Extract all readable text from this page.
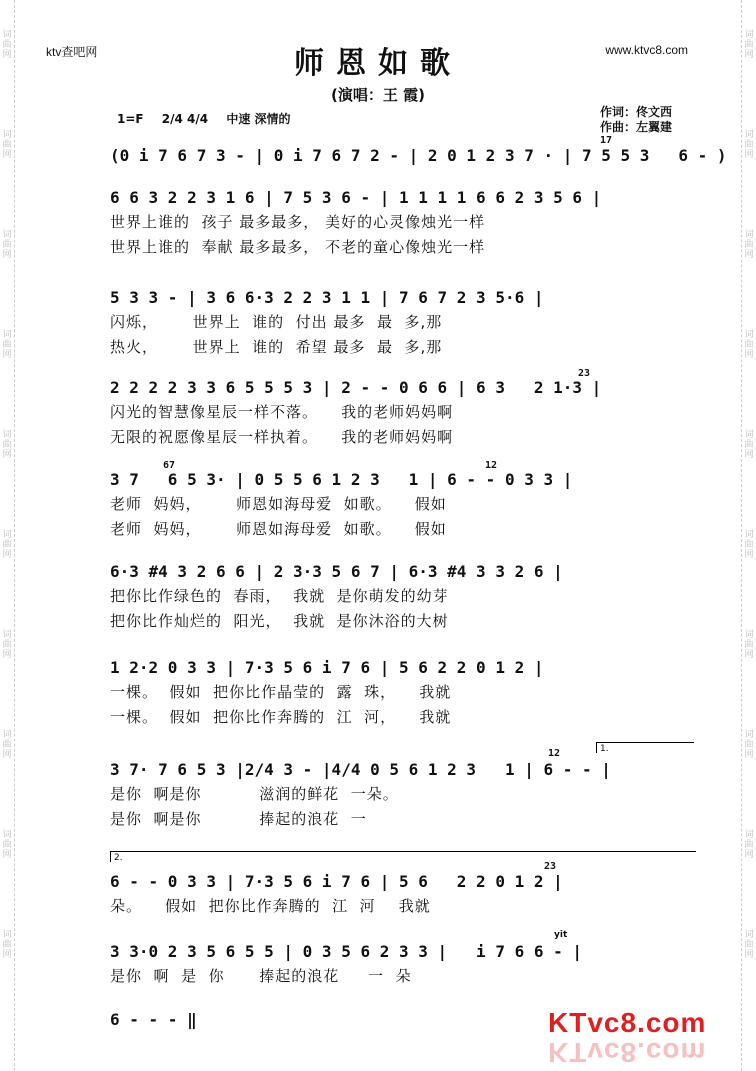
词 曲 网
词 曲 网
词 曲 网
词 曲 网
词 曲 网
词 曲 网
词 曲 网
词 曲 网
词 曲 网
词 曲 网
词 曲 网
词 曲 网
词 曲 网
词 曲 网
词 曲 网
词 曲 网
词 曲 网
词 曲 网
词 曲 网
词 曲 网
ktv查吧网	www.ktvc8.com
师恩如歌
(演唱：王 霞)
1=F 2/4 4/4 中速 深情的	作词：佟文西
作曲：左翼建
17
23
67	12
12
23
yit
1.
2.
(0 i 7 6 7 3 - | 0 i 7 6 7 2 - | 2 0 1 2 3 7 · | 7 5 5 3   6 - )
6 6 3 2 2 3 1 6 | 7 5 3 6 - | 1 1 1 1 6 6 2 3 5 6 |
世界上谁的  孩子 最多最多， 美好的心灵像烛光一样
世界上谁的  奉献 最多最多， 不老的童心像烛光一样
5 3 3 - | 3 6 6·3 2 2 3 1 1 | 7 6 7 2 3 5·6 |
闪烁，      世界上  谁的  付出 最多  最  多,那
热火，      世界上  谁的  希望 最多  最  多,那
2 2 2 2 3 3 6 5 5 5 3 | 2 - - 0 6 6 | 6 3   2 1·3 |
闪光的智慧像星辰一样不落。    我的老师妈妈啊
无限的祝愿像星辰一样执着。    我的老师妈妈啊
3 7   6 5 3· | 0 5 5 6 1 2 3   1 | 6 - - 0 3 3 |
老师  妈妈，      师恩如海母爱  如歌。    假如
老师  妈妈，      师恩如海母爱  如歌。    假如
6·3 #4 3 2 6 6 | 2 3·3 5 6 7 | 6·3 #4 3 3 2 6 |
把你比作绿色的  春雨，  我就  是你萌发的幼芽
把你比作灿烂的  阳光，  我就  是你沐浴的大树
1 2·2 0 3 3 | 7·3 5 6 i 7 6 | 5 6 2 2 0 1 2 |
一棵。  假如  把你比作晶莹的  露  珠，    我就
一棵。  假如  把你比作奔腾的  江  河，    我就
3 7· 7 6 5 3 |2/4 3 - |4/4 0 5 6 1 2 3   1 | 6 - - |
是你  啊是你          滋润的鲜花  一朵。
是你  啊是你          捧起的浪花  一
6 - - 0 3 3 | 7·3 5 6 i 7 6 | 5 6   2 2 0 1 2 |
朵。    假如  把你比作奔腾的  江  河    我就
3 3·0 2 3 5 6 5 5 | 0 3 5 6 2 3 3 |   i 7 6 6 - |
是你  啊  是  你      捧起的浪花     一  朵
6 - - - ‖	KTvc8.com
KTvc8.com
